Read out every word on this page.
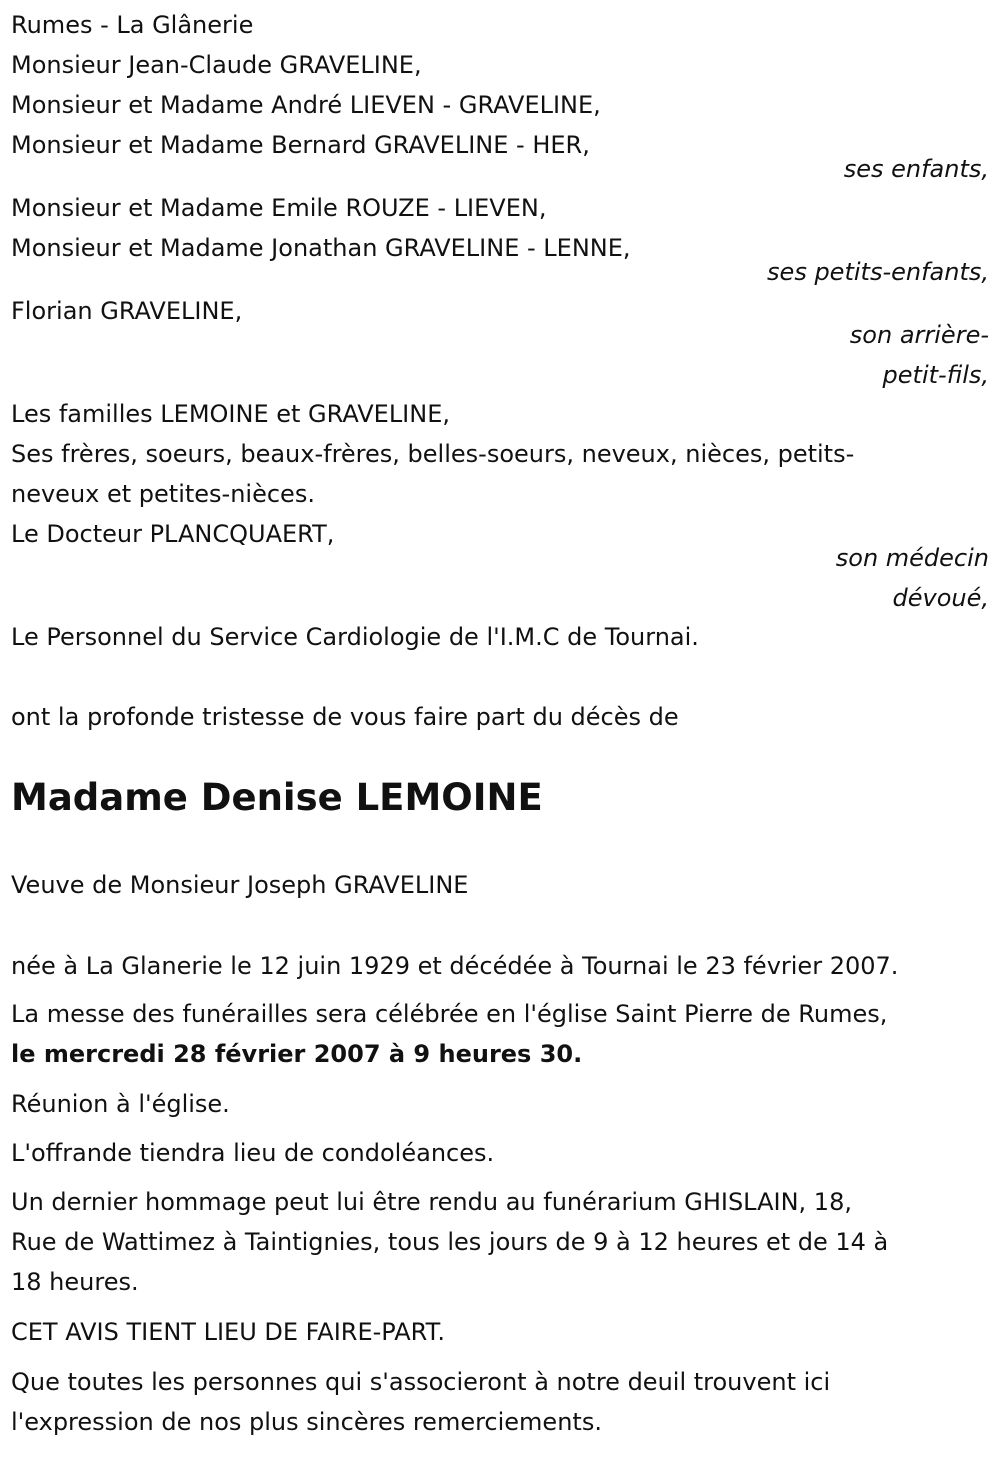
Rumes - La Glânerie
Monsieur Jean-Claude GRAVELINE,
Monsieur et Madame André LIEVEN - GRAVELINE,
Monsieur et Madame Bernard GRAVELINE - HER,
ses enfants,
Monsieur et Madame Emile ROUZE - LIEVEN,
Monsieur et Madame Jonathan GRAVELINE - LENNE,
ses petits-enfants,
Florian GRAVELINE,
son arrière-
petit-fils,
Les familles LEMOINE et GRAVELINE,
Ses frères, soeurs, beaux-frères, belles-soeurs, neveux, nièces, petits-
neveux et petites-nièces.
Le Docteur PLANCQUAERT,
son médecin
dévoué,
Le Personnel du Service Cardiologie de l'I.M.C de Tournai.
ont la profonde tristesse de vous faire part du décès de
Madame Denise LEMOINE
Veuve de Monsieur Joseph GRAVELINE
née à La Glanerie le 12 juin 1929 et décédée à Tournai le 23 février 2007.
La messe des funérailles sera célébrée en l'église Saint Pierre de Rumes,
le mercredi 28 février 2007 à 9 heures 30.
Réunion à l'église.
L'offrande tiendra lieu de condoléances.
Un dernier hommage peut lui être rendu au funérarium GHISLAIN, 18,
Rue de Wattimez à Taintignies, tous les jours de 9 à 12 heures et de 14 à
18 heures.
CET AVIS TIENT LIEU DE FAIRE-PART.
Que toutes les personnes qui s'associeront à notre deuil trouvent ici
l'expression de nos plus sincères remerciements.
